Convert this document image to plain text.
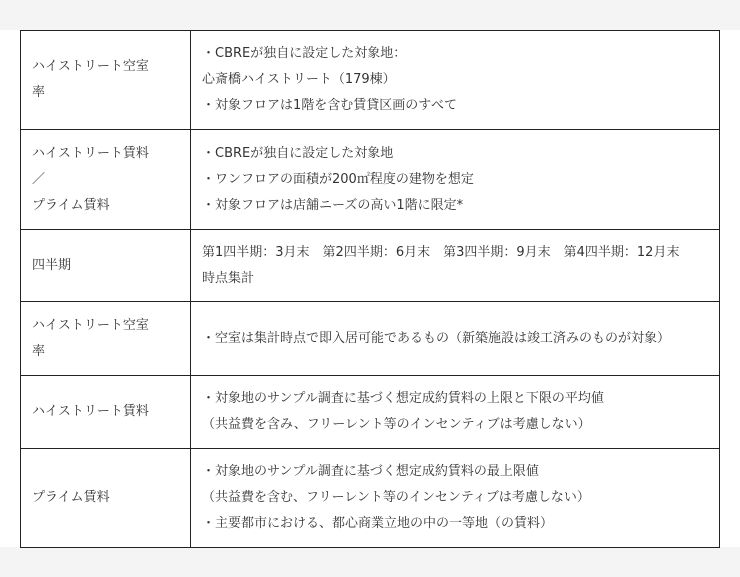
ハイストリート空室
率	・CBREが独自に設定した対象地：
心斎橋ハイストリート（179棟）
・対象フロアは1階を含む賃貸区画のすべて

ハイストリート賃料
／
プライム賃料	・CBREが独自に設定した対象地
・ワンフロアの面積が200㎡程度の建物を想定
・対象フロアは店舗ニーズの高い1階に限定*

四半期	第1四半期：3月末　第2四半期：6月末　第3四半期：9月末　第4四半期：12月末
時点集計

ハイストリート空室
率	・空室は集計時点で即入居可能であるもの（新築施設は竣工済みのものが対象）

ハイストリート賃料	・対象地のサンプル調査に基づく想定成約賃料の上限と下限の平均値
（共益費を含み、フリーレント等のインセンティブは考慮しない）

プライム賃料	・対象地のサンプル調査に基づく想定成約賃料の最上限値
（共益費を含む、フリーレント等のインセンティブは考慮しない）
・主要都市における、都心商業立地の中の一等地（の賃料）
